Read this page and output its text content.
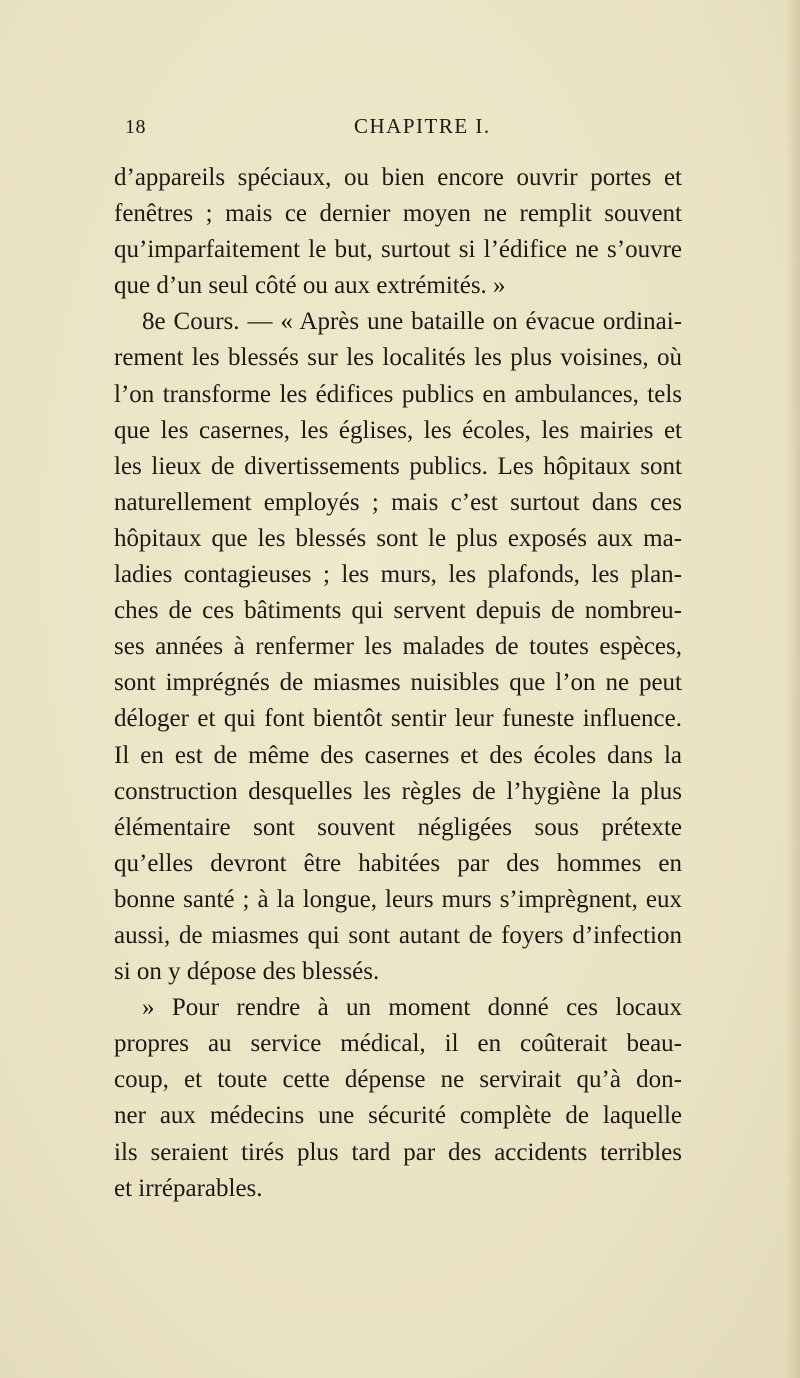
18	CHAPITRE I.
d’appareils spéciaux, ou bien encore ouvrir portes et
fenêtres ; mais ce dernier moyen ne remplit souvent
qu’imparfaitement le but, surtout si l’édifice ne s’ouvre
que d’un seul côté ou aux extrémités. »
8e Cours. — « Après une bataille on évacue ordinai-
rement les blessés sur les localités les plus voisines, où
l’on transforme les édifices publics en ambulances, tels
que les casernes, les églises, les écoles, les mairies et
les lieux de divertissements publics. Les hôpitaux sont
naturellement employés ; mais c’est surtout dans ces
hôpitaux que les blessés sont le plus exposés aux ma-
ladies contagieuses ; les murs, les plafonds, les plan-
ches de ces bâtiments qui servent depuis de nombreu-
ses années à renfermer les malades de toutes espèces,
sont imprégnés de miasmes nuisibles que l’on ne peut
déloger et qui font bientôt sentir leur funeste influence.
Il en est de même des casernes et des écoles dans la
construction desquelles les règles de l’hygiène la plus
élémentaire sont souvent négligées sous prétexte
qu’elles devront être habitées par des hommes en
bonne santé ; à la longue, leurs murs s’imprègnent, eux
aussi, de miasmes qui sont autant de foyers d’infection
si on y dépose des blessés.
» Pour rendre à un moment donné ces locaux
propres au service médical, il en coûterait beau-
coup, et toute cette dépense ne servirait qu’à don-
ner aux médecins une sécurité complète de laquelle
ils seraient tirés plus tard par des accidents terribles
et irréparables.
